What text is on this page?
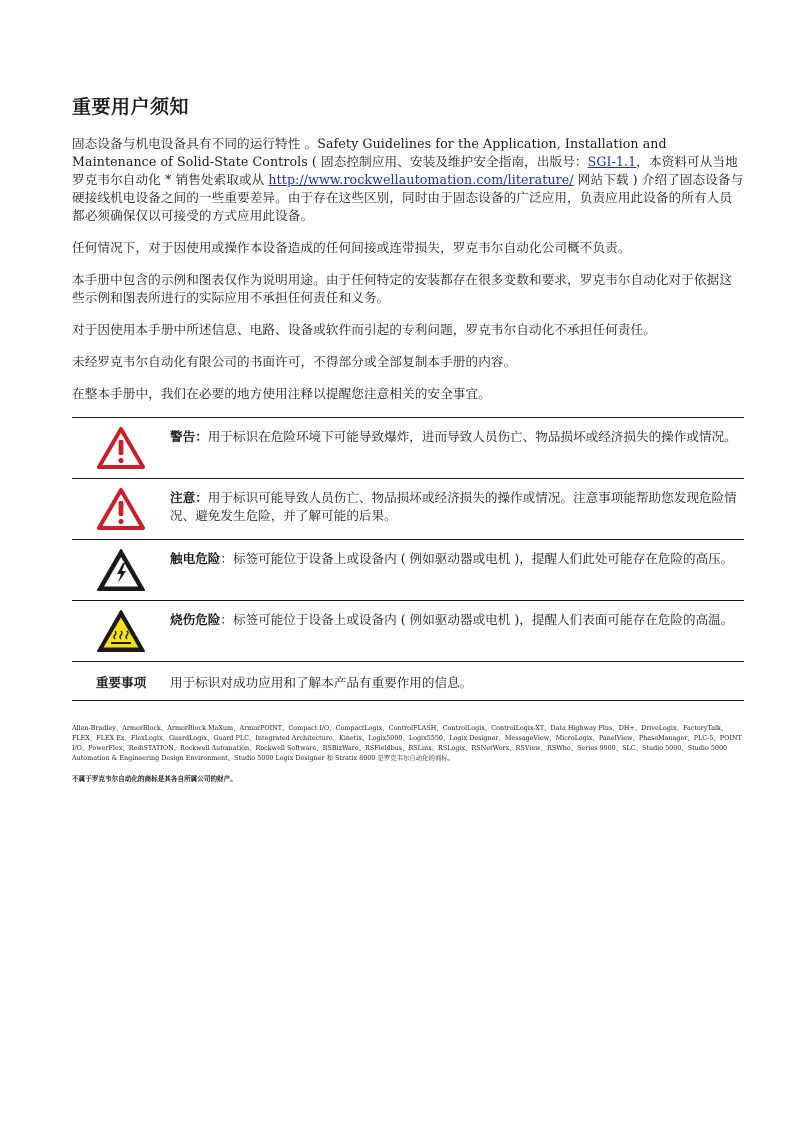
重要用户须知

固态设备与机电设备具有不同的运行特性 。Safety Guidelines for the Application, Installation and Maintenance of Solid-State Controls ( 固态控制应用、安装及维护安全指南，出版号：SGI-1.1，本资料可从当地罗克韦尔自动化 * 销售处索取或从 http://www.rockwellautomation.com/literature/ 网站下载 ) 介绍了固态设备与硬接线机电设备之间的一些重要差异。由于存在这些区别，同时由于固态设备的广泛应用，负责应用此设备的所有人员都必须确保仅以可接受的方式应用此设备。

任何情况下，对于因使用或操作本设备造成的任何间接或连带损失，罗克韦尔自动化公司概不负责。

本手册中包含的示例和图表仅作为说明用途。由于任何特定的安装都存在很多变数和要求，罗克韦尔自动化对于依据这些示例和图表所进行的实际应用不承担任何责任和义务。

对于因使用本手册中所述信息、电路、设备或软件而引起的专利问题，罗克韦尔自动化不承担任何责任。

未经罗克韦尔自动化有限公司的书面许可，不得部分或全部复制本手册的内容。

在整本手册中，我们在必要的地方使用注释以提醒您注意相关的安全事宜。

	警告：用于标识在危险环境下可能导致爆炸，进而导致人员伤亡、物品损坏或经济损失的操作或情况。

	注意：用于标识可能导致人员伤亡、物品损坏或经济损失的操作或情况。注意事项能帮助您发现危险情况、避免发生危险，并了解可能的后果。

	触电危险：标签可能位于设备上或设备内 ( 例如驱动器或电机 )，提醒人们此处可能存在危险的高压。

	烧伤危险：标签可能位于设备上或设备内 ( 例如驱动器或电机 )，提醒人们表面可能存在危险的高温。
重要事项	用于标识对成功应用和了解本产品有重要作用的信息。
Allen-Bradley、ArmorBlock、ArmorBlock MaXum、ArmorPOINT、Compact I/O、CompactLogix、ControlFLASH、ControlLogix、ControlLogix-XT、Data Highway Plus、DH+、DriveLogix、FactoryTalk、FLEX、FLEX Ex、FlexLogix、GuardLogix、Guard PLC、Integrated Architecture、Kinetix、Logix5000、Logix5550、Logix Designer、MessageView、MicroLogix、PanelView、PhaseManager、PLC-5、POINT I/O、PowerFlex、RediSTATION、Rockwell Automation、Rockwell Software、RSBizWare、RSFieldbus、RSLinx、RSLogix、RSNetWorx、RSView、RSWho、Series 9000、SLC、Studio 5000、Studio 5000 Automation & Engineering Design Environment、Studio 5000 Logix Designer 和 Stratix 8000 是罗克韦尔自动化的商标。
不属于罗克韦尔自动化的商标是其各自所属公司的财产。
